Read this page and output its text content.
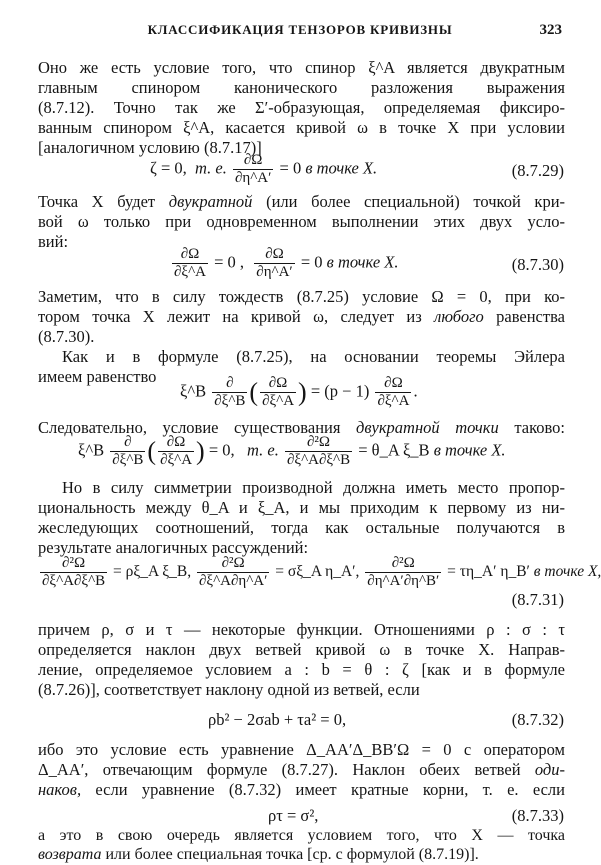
КЛАССИФИКАЦИЯ ТЕНЗОРОВ КРИВИЗНЫ	323
Оно же есть условие того, что спинор ξ^A является двукратным
главным спинором канонического разложения выражения
(8.7.12). Точно так же Σ′-образующая, определяемая фиксиро-
ванным спинором ξ^A, касается кривой ω в точке X при условии
[аналогичном условию (8.7.17)]
ζ = 0, т. е. $\frac{\partial\Omega}{\partial\eta\^{}A'} = 0$ в точке X.	(8.7.29)
Точка X будет двукратной (или более специальной) точкой кри-
вой ω только при одновременном выполнении этих двух усло-
вий:
$\frac{\partial\Omega}{\partial\xi\^{}A} = 0$ , $\frac{\partial\Omega}{\partial\eta\^{}A'} = 0$ в точке X.	(8.7.30)
Заметим, что в силу тождеств (8.7.25) условие Ω = 0, при ко-
тором точка X лежит на кривой ω, следует из любого равенства
(8.7.30).
Как и в формуле (8.7.25), на основании теоремы Эйлера
имеем равенство
ξ^B $\frac{\partial}{\partial\xi\^{}B}$ ( $\frac{\partial\Omega}{\partial\xi\^{}A}$ ) = $(p - 1) \frac{\partial\Omega}{\partial\xi\^{}A}$ .
Следовательно, условие существования двукратной точки таково:
ξ^B $\frac{\partial}{\partial\xi\^{}B}$ ( $\frac{\partial\Omega}{\partial\xi\^{}A}$ ) = 0, т. е. $\frac{\text{∂²Ω}}{\partial\xi\^{}A\partial\xi\^{}B}$ = θ_A ξ_B в точке X.
Но в силу симметрии производной должна иметь место пропор-
циональность между θ_A и ξ_A, и мы приходим к первому из ни-
жеследующих соотношений, тогда как остальные получаются в
результате аналогичных рассуждений:
$\frac{\text{∂²Ω}}{\partial\xi\^{}A\partial\xi\^{}B}$ = ρξ_A ξ_B, $\frac{\text{∂²Ω}}{\partial\xi\^{}A\partial\eta\^{}A'}$ = σξ_A η_A′, $\frac{\text{∂²Ω}}{\partial\eta\^{}A'\partial\eta\^{}B'}$ = τη_A′ η_B′ в точке X,
(8.7.31)
причем ρ, σ и τ — некоторые функции. Отношениями ρ : σ : τ
определяется наклон двух ветвей кривой ω в точке X. Направ-
ление, определяемое условием a : b = θ : ζ [как и в формуле
(8.7.26)], соответствует наклону одной из ветвей, если
ρb² − 2σab + τa² = 0,	(8.7.32)
ибо это условие есть уравнение Δ_AA′Δ_BB′Ω = 0 с оператором
Δ_AA′, отвечающим формуле (8.7.27). Наклон обеих ветвей оди-
наков, если уравнение (8.7.32) имеет кратные корни, т. е. если
ρτ = σ²,	(8.7.33)
а это в свою очередь является условием того, что X — точка
возврата или более специальная точка [ср. с формулой (8.7.19)].
